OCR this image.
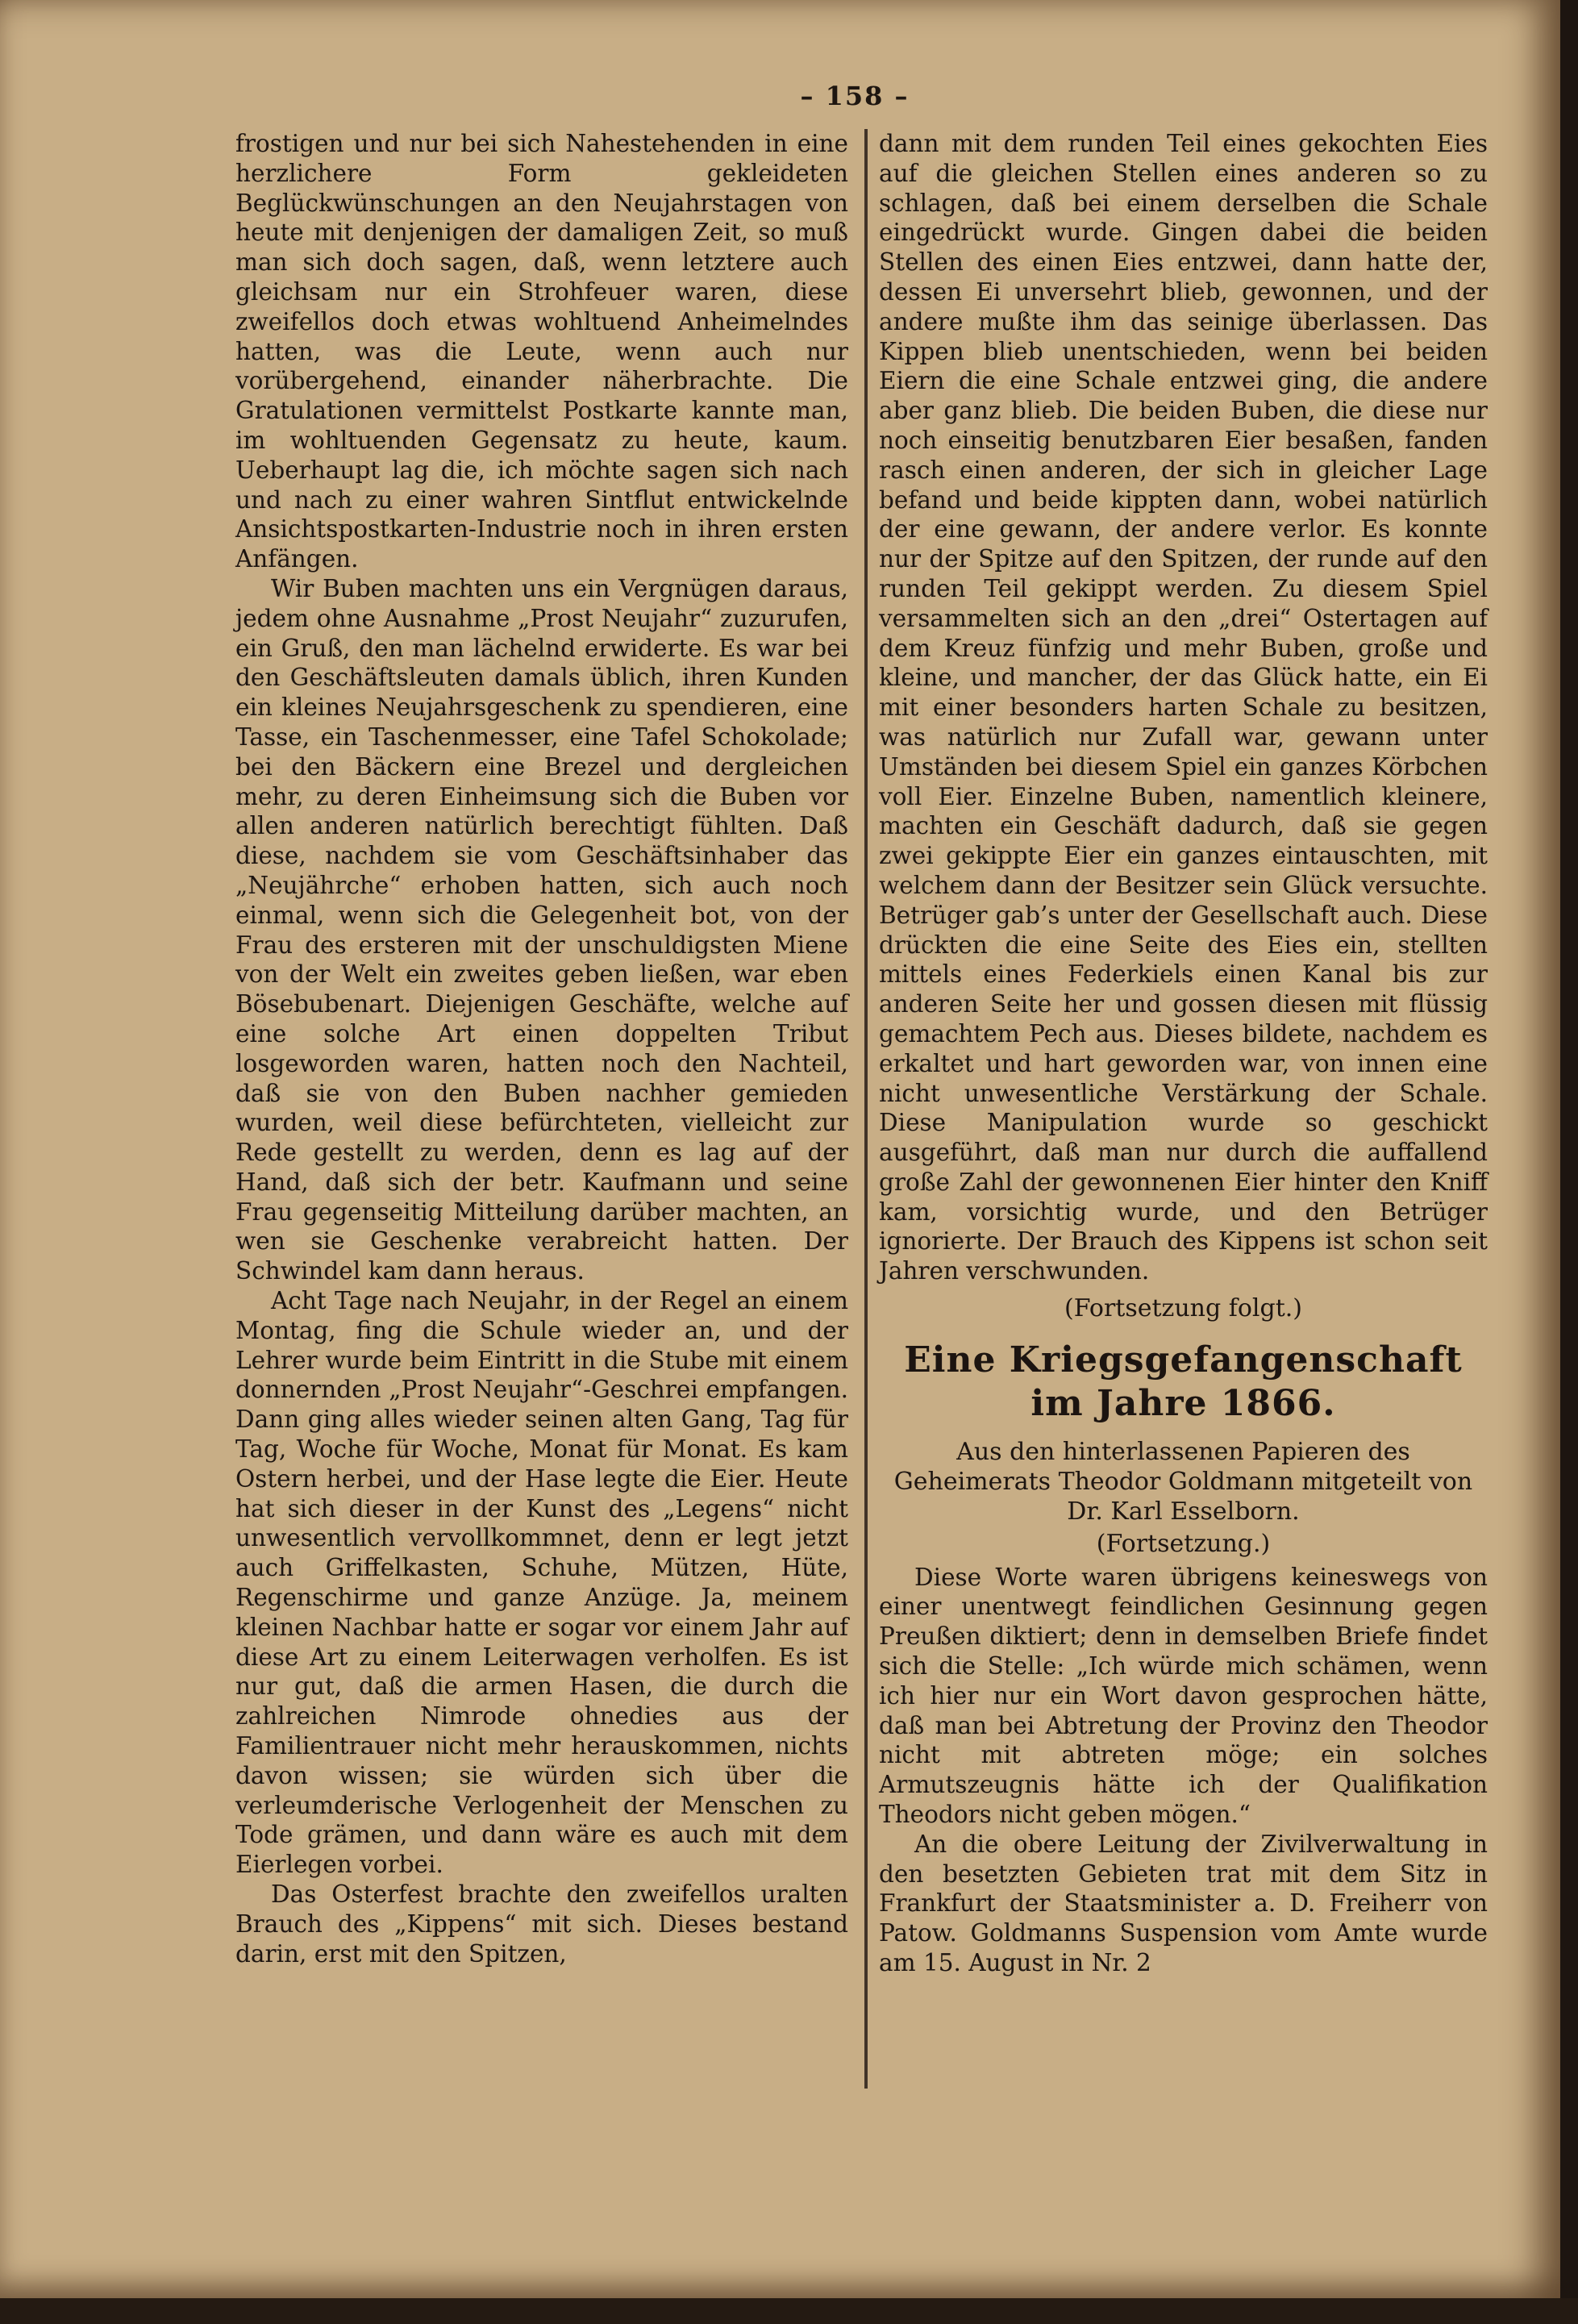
– 158 –

frostigen und nur bei sich Nahestehenden in eine herzlichere Form gekleideten Beglückwünschungen an den Neujahrstagen von heute mit denjenigen der damaligen Zeit, so muß man sich doch sagen, daß, wenn letztere auch gleichsam nur ein Strohfeuer waren, diese zweifellos doch etwas wohltuend Anheimelndes hatten, was die Leute, wenn auch nur vorübergehend, einander näherbrachte. Die Gratulationen vermittelst Postkarte kannte man, im wohltuenden Gegensatz zu heute, kaum. Ueberhaupt lag die, ich möchte sagen sich nach und nach zu einer wahren Sintflut entwickelnde Ansichtspostkarten-Industrie noch in ihren ersten Anfängen.

Wir Buben machten uns ein Vergnügen daraus, jedem ohne Ausnahme „Prost Neujahr“ zuzurufen, ein Gruß, den man lächelnd erwiderte. Es war bei den Geschäftsleuten damals üblich, ihren Kunden ein kleines Neujahrsgeschenk zu spendieren, eine Tasse, ein Taschenmesser, eine Tafel Schokolade; bei den Bäckern eine Brezel und dergleichen mehr, zu deren Einheimsung sich die Buben vor allen anderen natürlich berechtigt fühlten. Daß diese, nachdem sie vom Geschäftsinhaber das „Neujährche“ erhoben hatten, sich auch noch einmal, wenn sich die Gelegenheit bot, von der Frau des ersteren mit der unschuldigsten Miene von der Welt ein zweites geben ließen, war eben Bösebubenart. Diejenigen Geschäfte, welche auf eine solche Art einen doppelten Tribut losgeworden waren, hatten noch den Nachteil, daß sie von den Buben nachher gemieden wurden, weil diese befürchteten, vielleicht zur Rede gestellt zu werden, denn es lag auf der Hand, daß sich der betr. Kaufmann und seine Frau gegenseitig Mitteilung darüber machten, an wen sie Geschenke verabreicht hatten. Der Schwindel kam dann heraus.

Acht Tage nach Neujahr, in der Regel an einem Montag, fing die Schule wieder an, und der Lehrer wurde beim Eintritt in die Stube mit einem donnernden „Prost Neujahr“-Geschrei empfangen. Dann ging alles wieder seinen alten Gang, Tag für Tag, Woche für Woche, Monat für Monat. Es kam Ostern herbei, und der Hase legte die Eier. Heute hat sich dieser in der Kunst des „Legens“ nicht unwesentlich vervollkommnet, denn er legt jetzt auch Griffelkasten, Schuhe, Mützen, Hüte, Regenschirme und ganze Anzüge. Ja, meinem kleinen Nachbar hatte er sogar vor einem Jahr auf diese Art zu einem Leiterwagen verholfen. Es ist nur gut, daß die armen Hasen, die durch die zahlreichen Nimrode ohnedies aus der Familientrauer nicht mehr herauskommen, nichts davon wissen; sie würden sich über die verleumderische Verlogenheit der Menschen zu Tode grämen, und dann wäre es auch mit dem Eierlegen vorbei.

Das Osterfest brachte den zweifellos uralten Brauch des „Kippens“ mit sich. Dieses bestand darin, erst mit den Spitzen,

dann mit dem runden Teil eines gekochten Eies auf die gleichen Stellen eines anderen so zu schlagen, daß bei einem derselben die Schale eingedrückt wurde. Gingen dabei die beiden Stellen des einen Eies entzwei, dann hatte der, dessen Ei unversehrt blieb, gewonnen, und der andere mußte ihm das seinige überlassen. Das Kippen blieb unentschieden, wenn bei beiden Eiern die eine Schale entzwei ging, die andere aber ganz blieb. Die beiden Buben, die diese nur noch einseitig benutzbaren Eier besaßen, fanden rasch einen anderen, der sich in gleicher Lage befand und beide kippten dann, wobei natürlich der eine gewann, der andere verlor. Es konnte nur der Spitze auf den Spitzen, der runde auf den runden Teil gekippt werden. Zu diesem Spiel versammelten sich an den „drei“ Ostertagen auf dem Kreuz fünfzig und mehr Buben, große und kleine, und mancher, der das Glück hatte, ein Ei mit einer besonders harten Schale zu besitzen, was natürlich nur Zufall war, gewann unter Umständen bei diesem Spiel ein ganzes Körbchen voll Eier. Einzelne Buben, namentlich kleinere, machten ein Geschäft dadurch, daß sie gegen zwei gekippte Eier ein ganzes eintauschten, mit welchem dann der Besitzer sein Glück versuchte. Betrüger gab’s unter der Gesellschaft auch. Diese drückten die eine Seite des Eies ein, stellten mittels eines Federkiels einen Kanal bis zur anderen Seite her und gossen diesen mit flüssig gemachtem Pech aus. Dieses bildete, nachdem es erkaltet und hart geworden war, von innen eine nicht unwesentliche Verstärkung der Schale. Diese Manipulation wurde so geschickt ausgeführt, daß man nur durch die auffallend große Zahl der gewonnenen Eier hinter den Kniff kam, vorsichtig wurde, und den Betrüger ignorierte. Der Brauch des Kippens ist schon seit Jahren verschwunden.

(Fortsetzung folgt.)
Eine Kriegsgefangenschaft
im Jahre 1866.
Aus den hinterlassenen Papieren des Geheimerats Theodor Goldmann mitgeteilt von Dr. Karl Esselborn.
(Fortsetzung.)

Diese Worte waren übrigens keineswegs von einer unentwegt feindlichen Gesinnung gegen Preußen diktiert; denn in demselben Briefe findet sich die Stelle: „Ich würde mich schämen, wenn ich hier nur ein Wort davon gesprochen hätte, daß man bei Abtretung der Provinz den Theodor nicht mit abtreten möge; ein solches Armutszeugnis hätte ich der Qualifikation Theodors nicht geben mögen.“

An die obere Leitung der Zivilverwaltung in den besetzten Gebieten trat mit dem Sitz in Frankfurt der Staatsminister a. D. Freiherr von Patow. Goldmanns Suspension vom Amte wurde am 15. August in Nr. 2
